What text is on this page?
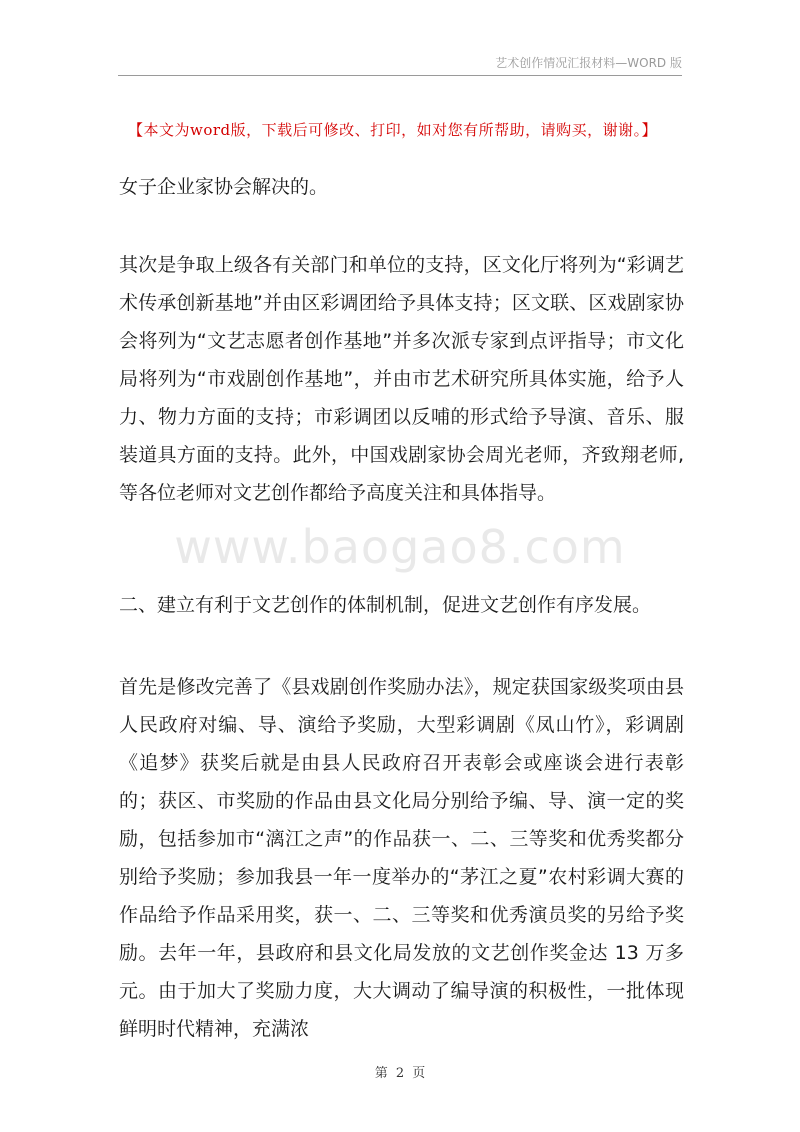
艺术创作情况汇报材料—WORD 版
【本文为word版，下载后可修改、打印，如对您有所帮助，请购买，谢谢。】
www.baogao8.com

女子企业家协会解决的。

其次是争取上级各有关部门和单位的支持，区文化厅将列为“彩调艺术传承创新基地”并由区彩调团给予具体支持；区文联、区戏剧家协会将列为“文艺志愿者创作基地”并多次派专家到点评指导；市文化局将列为“市戏剧创作基地”，并由市艺术研究所具体实施，给予人力、物力方面的支持；市彩调团以反哺的形式给予导演、音乐、服装道具方面的支持。此外，中国戏剧家协会周光老师，齐致翔老师,等各位老师对文艺创作都给予高度关注和具体指导。

二、建立有利于文艺创作的体制机制，促进文艺创作有序发展。

首先是修改完善了《县戏剧创作奖励办法》，规定获国家级奖项由县人民政府对编、导、演给予奖励，大型彩调剧《凤山竹》，彩调剧《追梦》获奖后就是由县人民政府召开表彰会或座谈会进行表彰的；获区、市奖励的作品由县文化局分别给予编、导、演一定的奖励，包括参加市“漓江之声”的作品获一、二、三等奖和优秀奖都分别给予奖励；参加我县一年一度举办的“茅江之夏”农村彩调大赛的作品给予作品采用奖，获一、二、三等奖和优秀演员奖的另给予奖励。去年一年，县政府和县文化局发放的文艺创作奖金达 13 万多元。由于加大了奖励力度，大大调动了编导演的积极性，一批体现鲜明时代精神，充满浓

第 2 页
